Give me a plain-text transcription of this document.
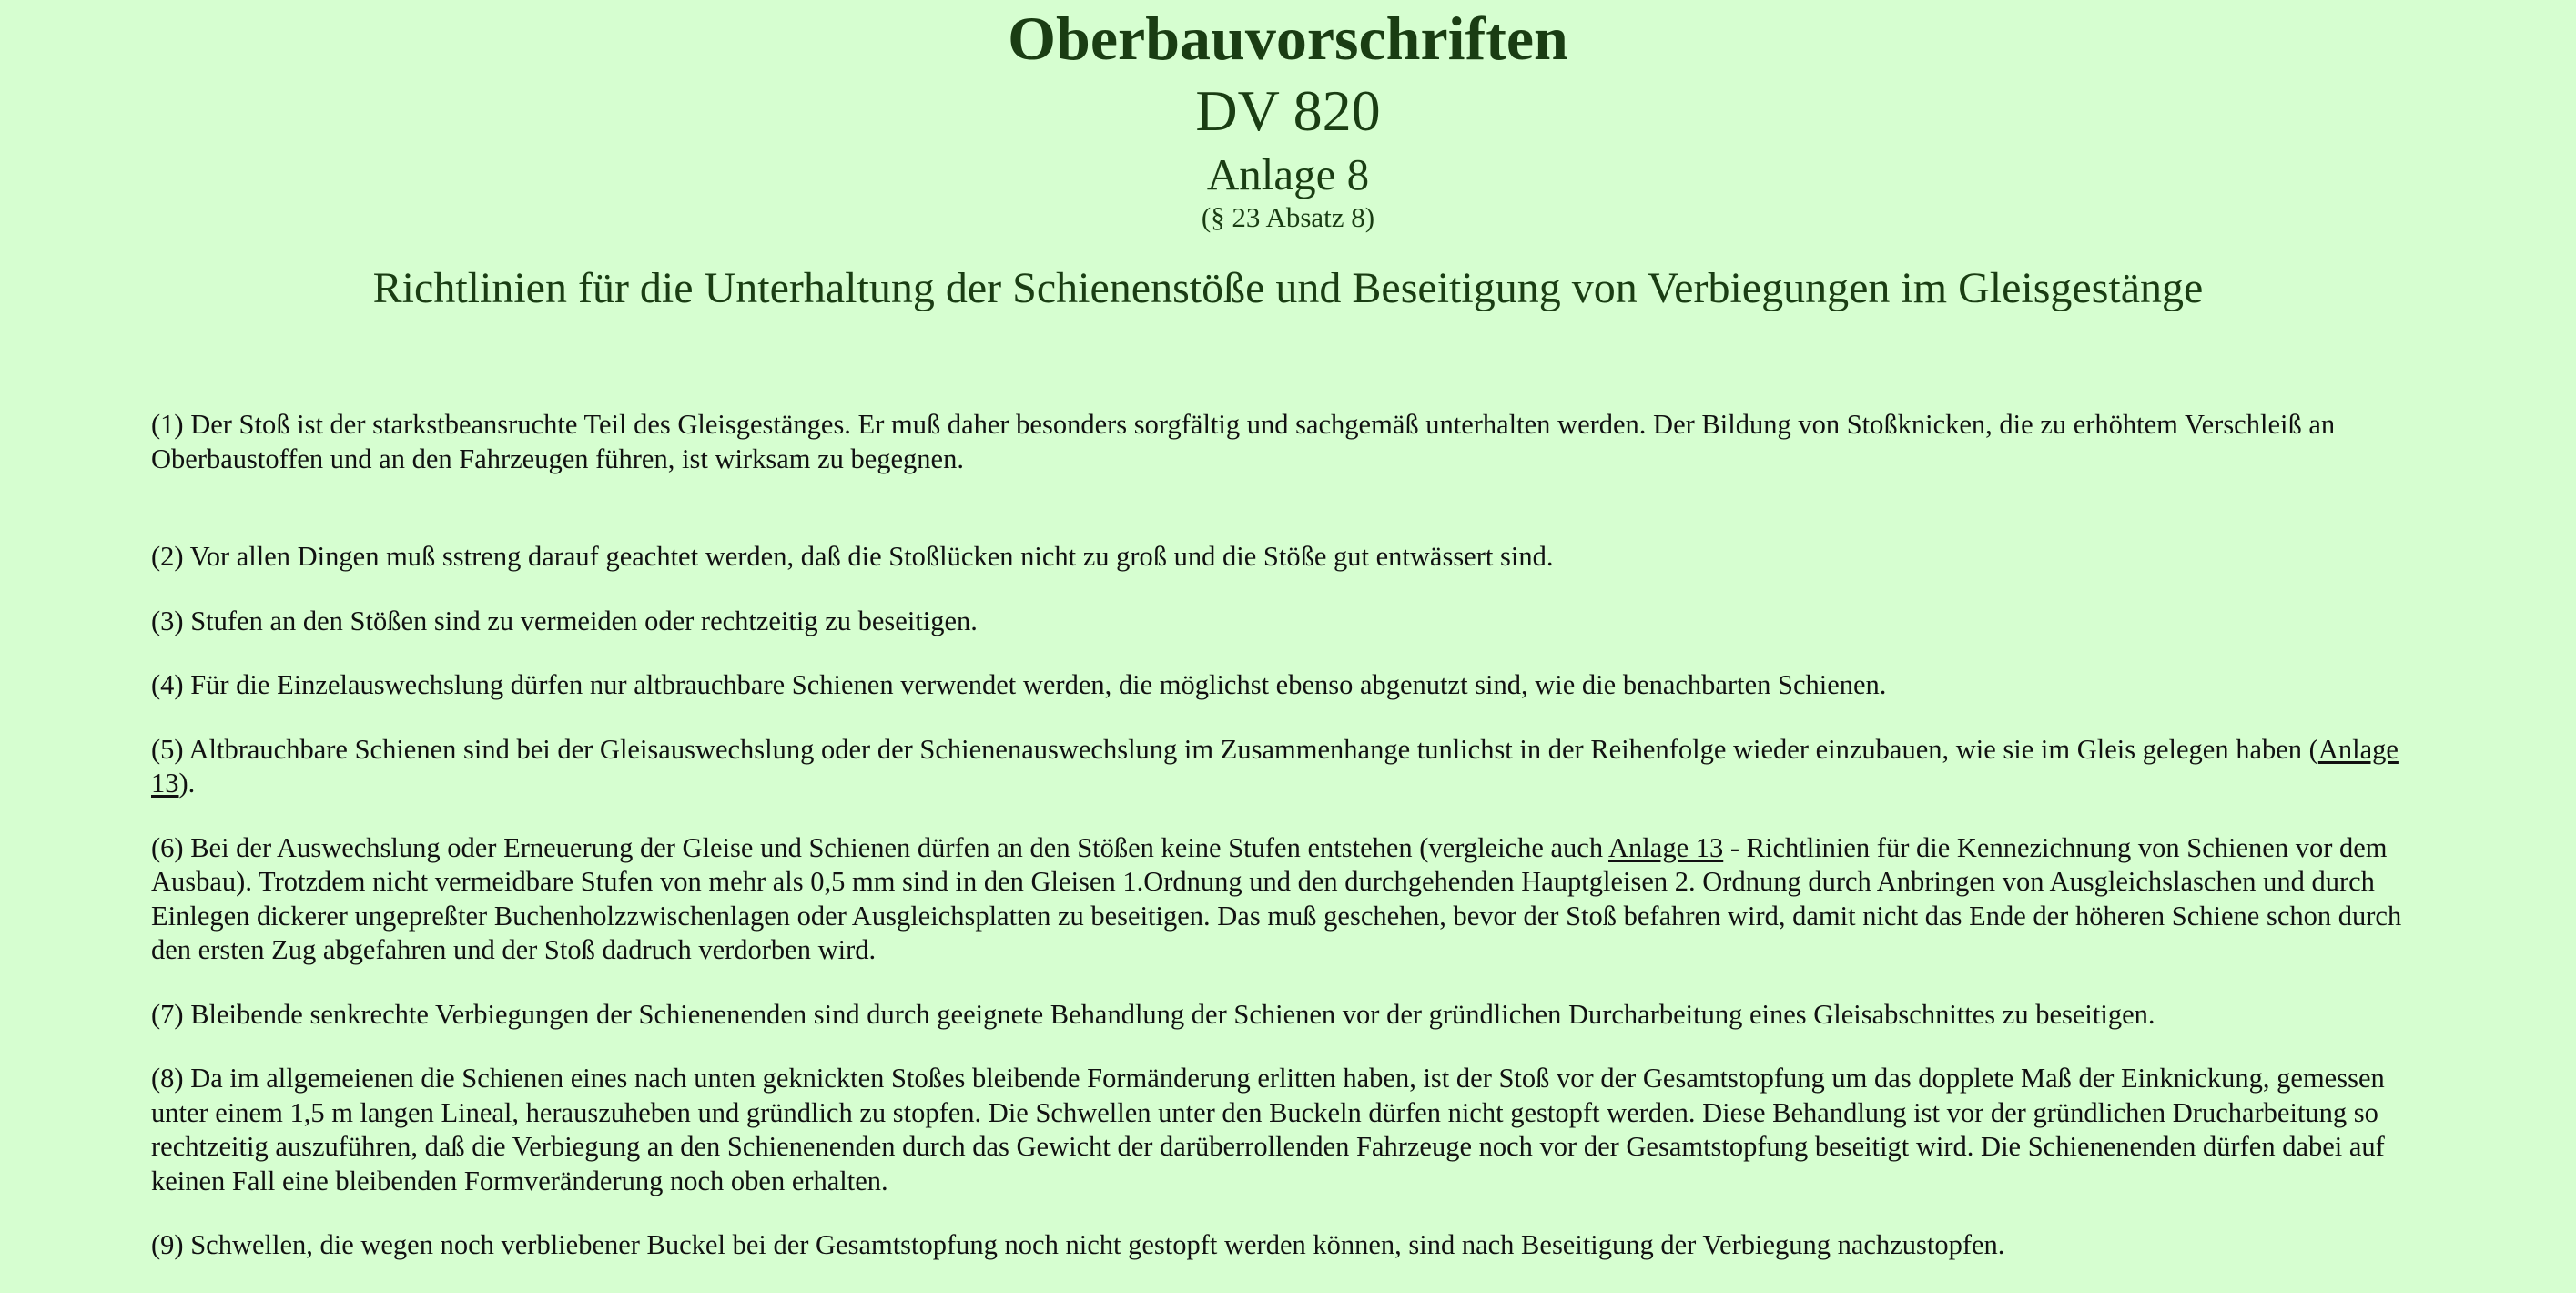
Oberbauvorschriften
DV 820
Anlage 8

(§ 23 Absatz 8)

Richtlinien für die Unterhaltung der Schienenstöße und Beseitigung von Verbiegungen im Gleisgestänge

(1) Der Stoß ist der starkstbeansruchte Teil des Gleisgestänges. Er muß daher besonders sorgfältig und sachgemäß unterhalten werden. Der Bildung von Stoßknicken, die zu erhöhtem Verschleiß an Oberbaustoffen und an den Fahrzeugen führen, ist wirksam zu begegnen.

(2) Vor allen Dingen muß sstreng darauf geachtet werden, daß die Stoßlücken nicht zu groß und die Stöße gut entwässert sind.

(3) Stufen an den Stößen sind zu vermeiden oder rechtzeitig zu beseitigen.

(4) Für die Einzelauswechslung dürfen nur altbrauchbare Schienen verwendet werden, die möglichst ebenso abgenutzt sind, wie die benachbarten Schienen.

(5) Altbrauchbare Schienen sind bei der Gleisauswechslung oder der Schienenauswechslung im Zusammenhange tunlichst in der Reihenfolge wieder einzubauen, wie sie im Gleis gelegen haben (Anlage 13).

(6) Bei der Auswechslung oder Erneuerung der Gleise und Schienen dürfen an den Stößen keine Stufen entstehen (vergleiche auch Anlage 13 - Richtlinien für die Kennezichnung von Schienen vor dem Ausbau). Trotzdem nicht vermeidbare Stufen von mehr als 0,5 mm sind in den Gleisen 1.Ordnung und den durchgehenden Hauptgleisen 2. Ordnung durch Anbringen von Ausgleichslaschen und durch Einlegen dickerer ungepreßter Buchenholzzwischenlagen oder Ausgleichsplatten zu beseitigen. Das muß geschehen, bevor der Stoß befahren wird, damit nicht das Ende der höheren Schiene schon durch den ersten Zug abgefahren und der Stoß dadruch verdorben wird.

(7) Bleibende senkrechte Verbiegungen der Schienenenden sind durch geeignete Behandlung der Schienen vor der gründlichen Durcharbeitung eines Gleisabschnittes zu beseitigen.

(8) Da im allgemeienen die Schienen eines nach unten geknickten Stoßes bleibende Formänderung erlitten haben, ist der Stoß vor der Gesamtstopfung um das dopplete Maß der Einknickung, gemessen unter einem 1,5 m langen Lineal, herauszuheben und gründlich zu stopfen. Die Schwellen unter den Buckeln dürfen nicht gestopft werden. Diese Behandlung ist vor der gründlichen Drucharbeitung so rechtzeitig auszuführen, daß die Verbiegung an den Schienenenden durch das Gewicht der darüberrollenden Fahrzeuge noch vor der Gesamtstopfung beseitigt wird. Die Schienenenden dürfen dabei auf keinen Fall eine bleibenden Formveränderung noch oben erhalten.

(9) Schwellen, die wegen noch verbliebener Buckel bei der Gesamtstopfung noch nicht gestopft werden können, sind nach Beseitigung der Verbiegung nachzustopfen.
